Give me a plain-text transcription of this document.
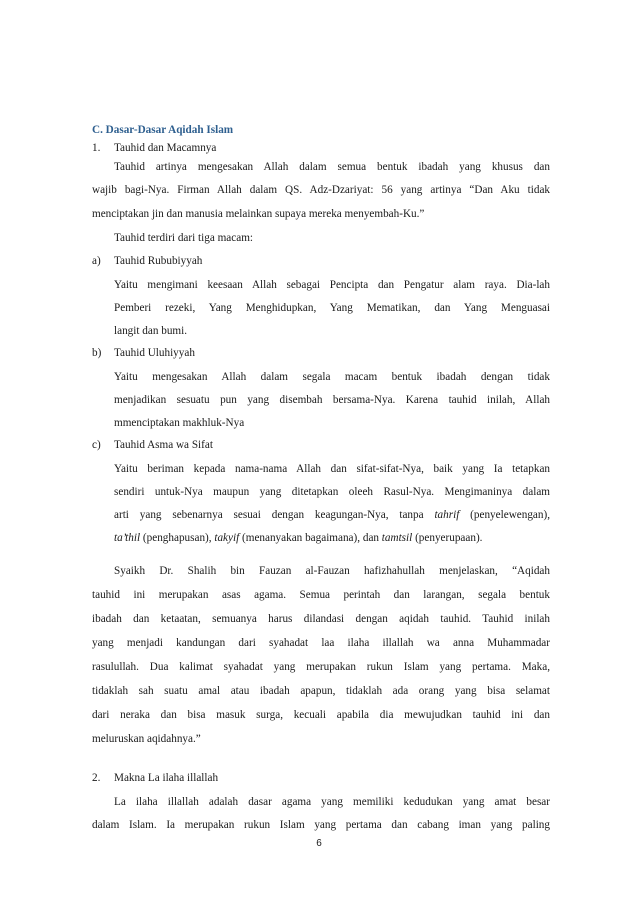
C. Dasar-Dasar Aqidah Islam
1. Tauhid dan Macamnya
Tauhid artinya mengesakan Allah dalam semua bentuk ibadah yang khusus dan
wajib bagi-Nya. Firman Allah dalam QS. Adz-Dzariyat: 56 yang artinya “Dan Aku tidak
menciptakan jin dan manusia melainkan supaya mereka menyembah-Ku.”
Tauhid terdiri dari tiga macam:
a) Tauhid Rububiyyah
Yaitu mengimani keesaan Allah sebagai Pencipta dan Pengatur alam raya. Dia-lah
Pemberi rezeki, Yang Menghidupkan, Yang Mematikan, dan Yang Menguasai
langit dan bumi.
b) Tauhid Uluhiyyah
Yaitu mengesakan Allah dalam segala macam bentuk ibadah dengan tidak
menjadikan sesuatu pun yang disembah bersama-Nya. Karena tauhid inilah, Allah
mmenciptakan makhluk-Nya
c) Tauhid Asma wa Sifat
Yaitu beriman kepada nama-nama Allah dan sifat-sifat-Nya, baik yang Ia tetapkan
sendiri untuk-Nya maupun yang ditetapkan oleeh Rasul-Nya. Mengimaninya dalam
arti yang sebenarnya sesuai dengan keagungan-Nya, tanpa tahrif (penyelewengan),
ta’thil (penghapusan), takyif (menanyakan bagaimana), dan tamtsil (penyerupaan).
Syaikh Dr. Shalih bin Fauzan al-Fauzan hafizhahullah menjelaskan, “Aqidah
tauhid ini merupakan asas agama. Semua perintah dan larangan, segala bentuk
ibadah dan ketaatan, semuanya harus dilandasi dengan aqidah tauhid. Tauhid inilah
yang menjadi kandungan dari syahadat laa ilaha illallah wa anna Muhammadar
rasulullah. Dua kalimat syahadat yang merupakan rukun Islam yang pertama. Maka,
tidaklah sah suatu amal atau ibadah apapun, tidaklah ada orang yang bisa selamat
dari neraka dan bisa masuk surga, kecuali apabila dia mewujudkan tauhid ini dan
meluruskan aqidahnya.”
2. Makna La ilaha illallah
La ilaha illallah adalah dasar agama yang memiliki kedudukan yang amat besar
dalam Islam. Ia merupakan rukun Islam yang pertama dan cabang iman yang paling
6
